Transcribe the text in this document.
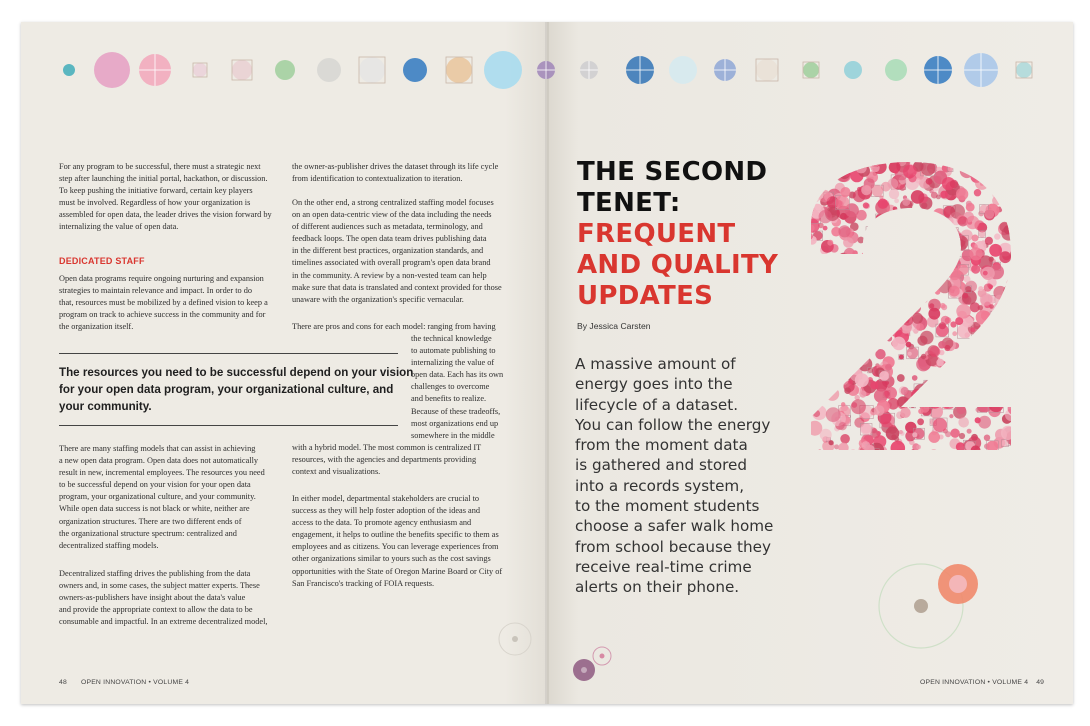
For any program to be successful, there must a strategic next
step after launching the initial portal, hackathon, or discussion.
To keep pushing the initiative forward, certain key players
must be involved. Regardless of how your organization is
assembled for open data, the leader drives the vision forward by
internalizing the value of open data.

DEDICATED STAFF
Open data programs require ongoing nurturing and expansion
strategies to maintain relevance and impact. In order to do
that, resources must be mobilized by a defined vision to keep a
program on track to achieve success in the community and for
the organization itself.
The resources you need to be successful depend on your vision
for your open data program, your organizational culture, and
your community.
There are many staffing models that can assist in achieving
a new open data program. Open data does not automatically
result in new, incremental employees. The resources you need
to be successful depend on your vision for your open data
program, your organizational culture, and your community.
While open data success is not black or white, neither are
organization structures. There are two different ends of
the organizational structure spectrum: centralized and
decentralized staffing models.
Decentralized staffing drives the publishing from the data
owners and, in some cases, the subject matter experts. These
owners-as-publishers have insight about the data's value
and provide the appropriate context to allow the data to be
consumable and impactful. In an extreme decentralized model,
the owner-as-publisher drives the dataset through its life cycle
from identification to contextualization to iteration.
On the other end, a strong centralized staffing model focuses
on an open data-centric view of the data including the needs
of different audiences such as metadata, terminology, and
feedback loops. The open data team drives publishing data
in the different best practices, organization standards, and
timelines associated with overall program's open data brand
in the community. A review by a non-vested team can help
make sure that data is translated and context provided for those
unaware with the organization's specific vernacular.
There are pros and cons for each model: ranging from having
the technical knowledge
to automate publishing to
internalizing the value of
open data. Each has its own
challenges to overcome
and benefits to realize.
Because of these tradeoffs,
most organizations end up
somewhere in the middle
with a hybrid model. The most common is centralized IT
resources, with the agencies and departments providing
context and visualizations.
In either model, departmental stakeholders are crucial to
success as they will help foster adoption of the ideas and
access to the data. To promote agency enthusiasm and
engagement, it helps to outline the benefits specific to them as
employees and as citizens. You can leverage experiences from
other organizations similar to yours such as the cost savings
opportunities with the State of Oregon Marine Board or City of
San Francisco's tracking of FOIA requests.
48 OPEN INNOVATION • VOLUME 4
THE SECOND
TENET:
FREQUENT
AND QUALITY
UPDATES
By Jessica Carsten
A massive amount of
energy goes into the
lifecycle of a dataset.
You can follow the energy
from the moment data
is gathered and stored
into a records system,
to the moment students
choose a safer walk home
from school because they
receive real-time crime
alerts on their phone.
OPEN INNOVATION • VOLUME 4 49
